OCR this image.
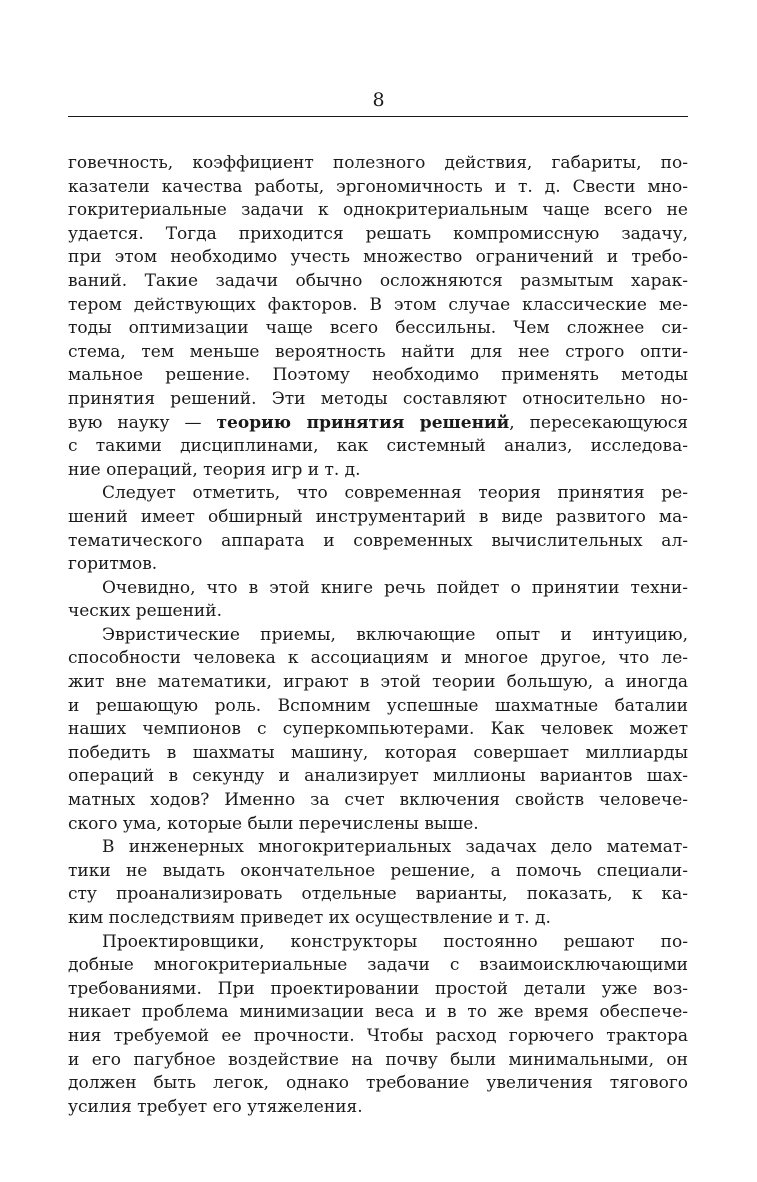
8
говечность, коэффициент полезного действия, габариты, по-
казатели качества работы, эргономичность и т. д. Свести мно-
гокритериальные задачи к однокритериальным чаще всего не
удается. Тогда приходится решать компромиссную задачу,
при этом необходимо учесть множество ограничений и требо-
ваний. Такие задачи обычно осложняются размытым харак-
тером действующих факторов. В этом случае классические ме-
тоды оптимизации чаще всего бессильны. Чем сложнее си-
стема, тем меньше вероятность найти для нее строго опти-
мальное решение. Поэтому необходимо применять методы
принятия решений. Эти методы составляют относительно но-
вую науку — теорию принятия решений, пересекающуюся
с такими дисциплинами, как системный анализ, исследова-
ние операций, теория игр и т. д.
Следует отметить, что современная теория принятия ре-
шений имеет обширный инструментарий в виде развитого ма-
тематического аппарата и современных вычислительных ал-
горитмов.
Очевидно, что в этой книге речь пойдет о принятии техни-
ческих решений.
Эвристические приемы, включающие опыт и интуицию,
способности человека к ассоциациям и многое другое, что ле-
жит вне математики, играют в этой теории большую, а иногда
и решающую роль. Вспомним успешные шахматные баталии
наших чемпионов с суперкомпьютерами. Как человек может
победить в шахматы машину, которая совершает миллиарды
операций в секунду и анализирует миллионы вариантов шах-
матных ходов? Именно за счет включения свойств человече-
ского ума, которые были перечислены выше.
В инженерных многокритериальных задачах дело математ-
тики не выдать окончательное решение, а помочь специали-
сту проанализировать отдельные варианты, показать, к ка-
ким последствиям приведет их осуществление и т. д.
Проектировщики, конструкторы постоянно решают по-
добные многокритериальные задачи с взаимоисключающими
требованиями. При проектировании простой детали уже воз-
никает проблема минимизации веса и в то же время обеспече-
ния требуемой ее прочности. Чтобы расход горючего трактора
и его пагубное воздействие на почву были минимальными, он
должен быть легок, однако требование увеличения тягового
усилия требует его утяжеления.
